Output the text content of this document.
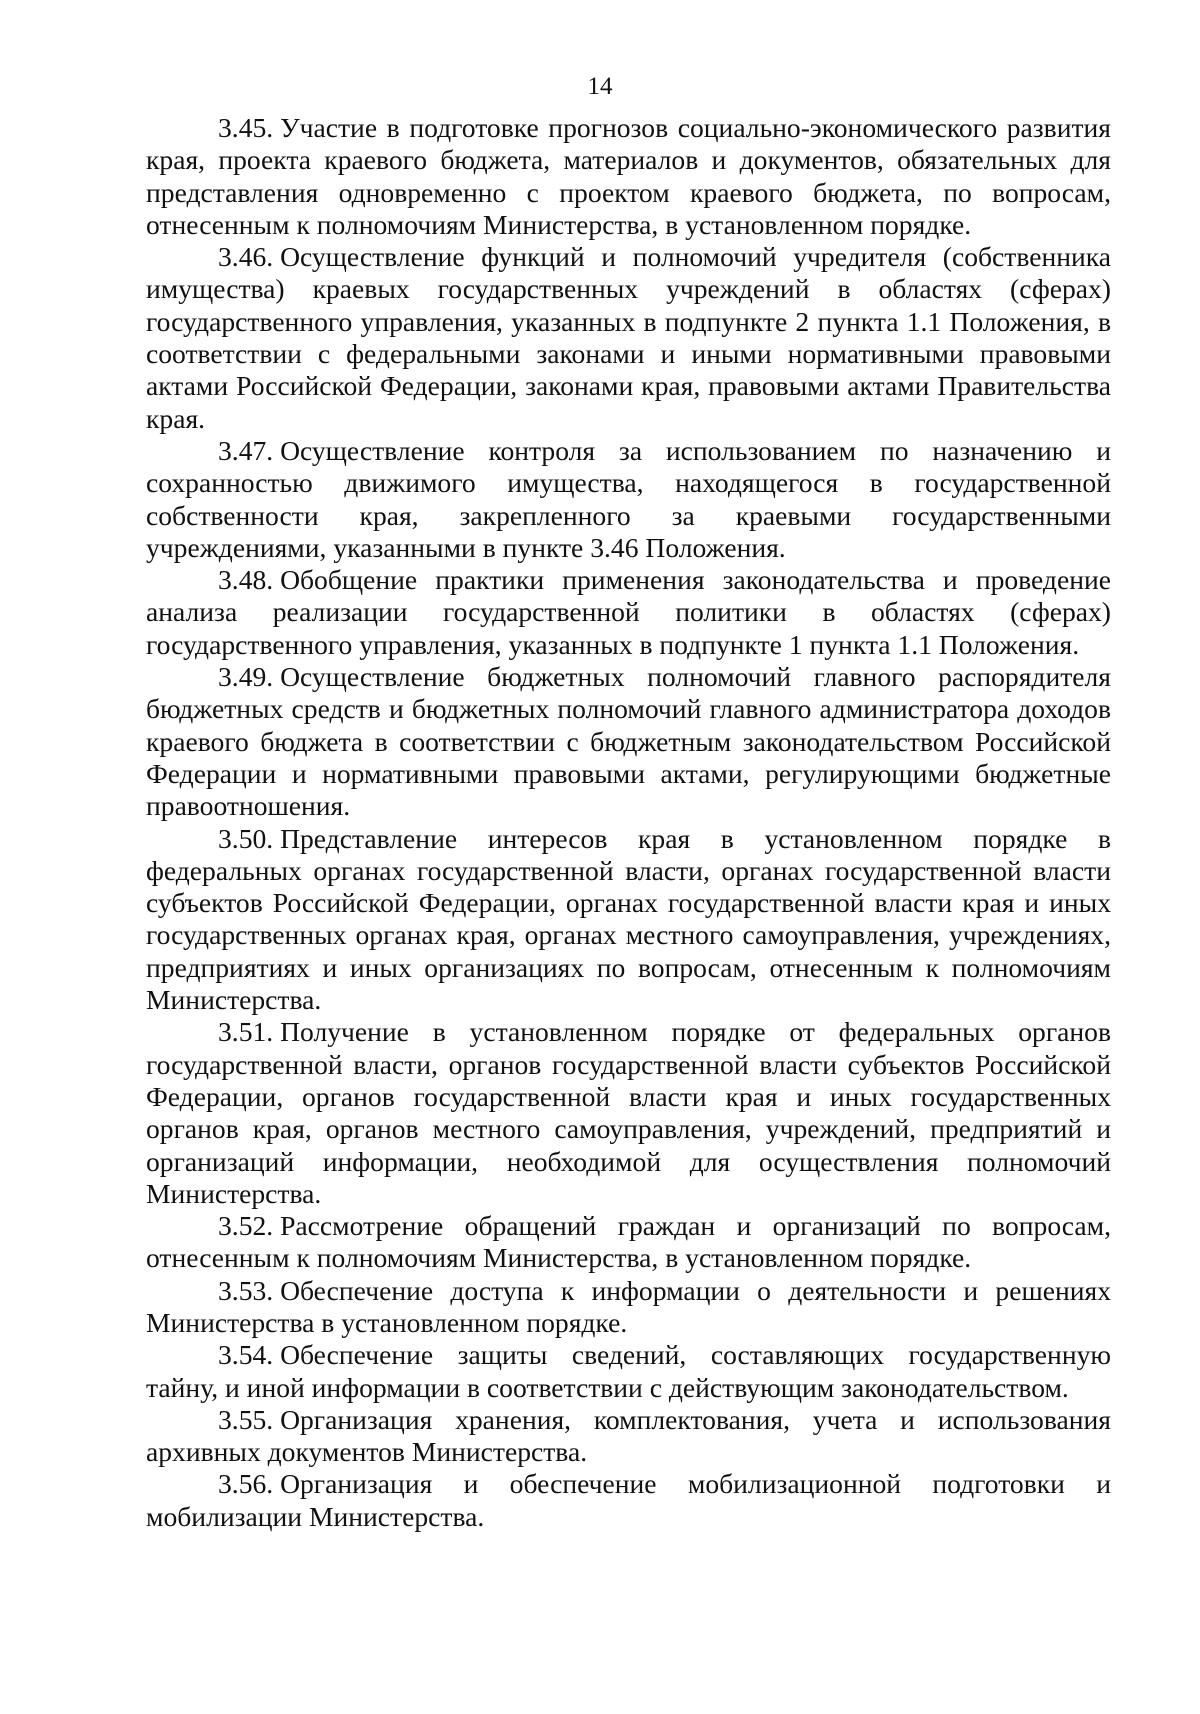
14

3.45. Участие в подготовке прогнозов социально-экономического развития края, проекта краевого бюджета, материалов и документов, обязательных для представления одновременно с проектом краевого бюджета, по вопросам, отнесенным к полномочиям Министерства, в установленном порядке.

3.46. Осуществление функций и полномочий учредителя (собственника имущества) краевых государственных учреждений в областях (сферах) государственного управления, указанных в подпункте 2 пункта 1.1 Положения, в соответствии с федеральными законами и иными нормативными правовыми актами Российской Федерации, законами края, правовыми актами Правительства края.

3.47. Осуществление контроля за использованием по назначению и сохранностью движимого имущества, находящегося в государственной собственности края, закрепленного за краевыми государственными учреждениями, указанными в пункте 3.46 Положения.

3.48. Обобщение практики применения законодательства и проведение анализа реализации государственной политики в областях (сферах) государственного управления, указанных в подпункте 1 пункта 1.1 Положения.

3.49. Осуществление бюджетных полномочий главного распорядителя бюджетных средств и бюджетных полномочий главного администратора доходов краевого бюджета в соответствии с бюджетным законодательством Российской Федерации и нормативными правовыми актами, регулирующими бюджетные правоотношения.

3.50. Представление интересов края в установленном порядке в федеральных органах государственной власти, органах государственной власти субъектов Российской Федерации, органах государственной власти края и иных государственных органах края, органах местного самоуправления, учреждениях, предприятиях и иных организациях по вопросам, отнесенным к полномочиям Министерства.

3.51. Получение в установленном порядке от федеральных органов государственной власти, органов государственной власти субъектов Российской Федерации, органов государственной власти края и иных государственных органов края, органов местного самоуправления, учреждений, предприятий и организаций информации, необходимой для осуществления полномочий Министерства.

3.52. Рассмотрение обращений граждан и организаций по вопросам, отнесенным к полномочиям Министерства, в установленном порядке.

3.53. Обеспечение доступа к информации о деятельности и решениях Министерства в установленном порядке.

3.54. Обеспечение защиты сведений, составляющих государственную тайну, и иной информации в соответствии с действующим законодательством.

3.55. Организация хранения, комплектования, учета и использования архивных документов Министерства.

3.56. Организация и обеспечение мобилизационной подготовки и мобилизации Министерства.
